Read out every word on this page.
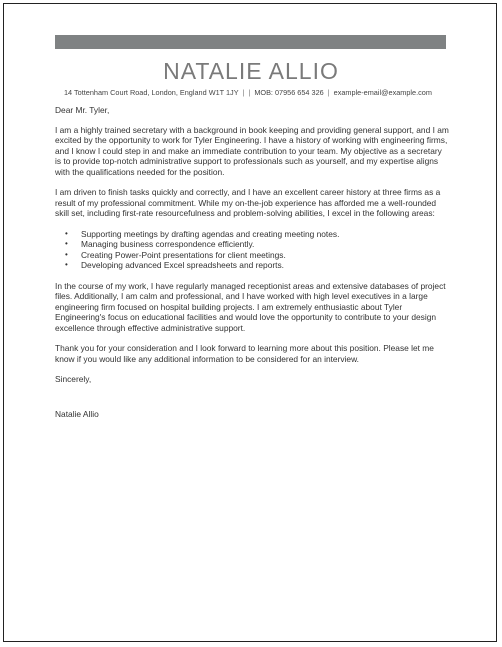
NATALIE ALLIO
14 Tottenham Court Road, London, England W1T 1JY | | MOB: 07956 654 326 | example-email@example.com

Dear Mr. Tyler,

I am a highly trained secretary with a background in book keeping and providing general support, and I am excited by the opportunity to work for Tyler Engineering. I have a history of working with engineering firms, and I know I could step in and make an immediate contribution to your team. My objective as a secretary is to provide top-notch administrative support to professionals such as yourself, and my expertise aligns with the qualifications needed for the position.

I am driven to finish tasks quickly and correctly, and I have an excellent career history at three firms as a result of my professional commitment. While my on-the-job experience has afforded me a well-rounded skill set, including first-rate resourcefulness and problem-solving abilities, I excel in the following areas:

• Supporting meetings by drafting agendas and creating meeting notes.
• Managing business correspondence efficiently.
• Creating Power-Point presentations for client meetings.
• Developing advanced Excel spreadsheets and reports.

In the course of my work, I have regularly managed receptionist areas and extensive databases of project files. Additionally, I am calm and professional, and I have worked with high level executives in a large engineering firm focused on hospital building projects. I am extremely enthusiastic about Tyler Engineering's focus on educational facilities and would love the opportunity to contribute to your design excellence through effective administrative support.

Thank you for your consideration and I look forward to learning more about this position. Please let me know if you would like any additional information to be considered for an interview.

Sincerely,

Natalie Allio
